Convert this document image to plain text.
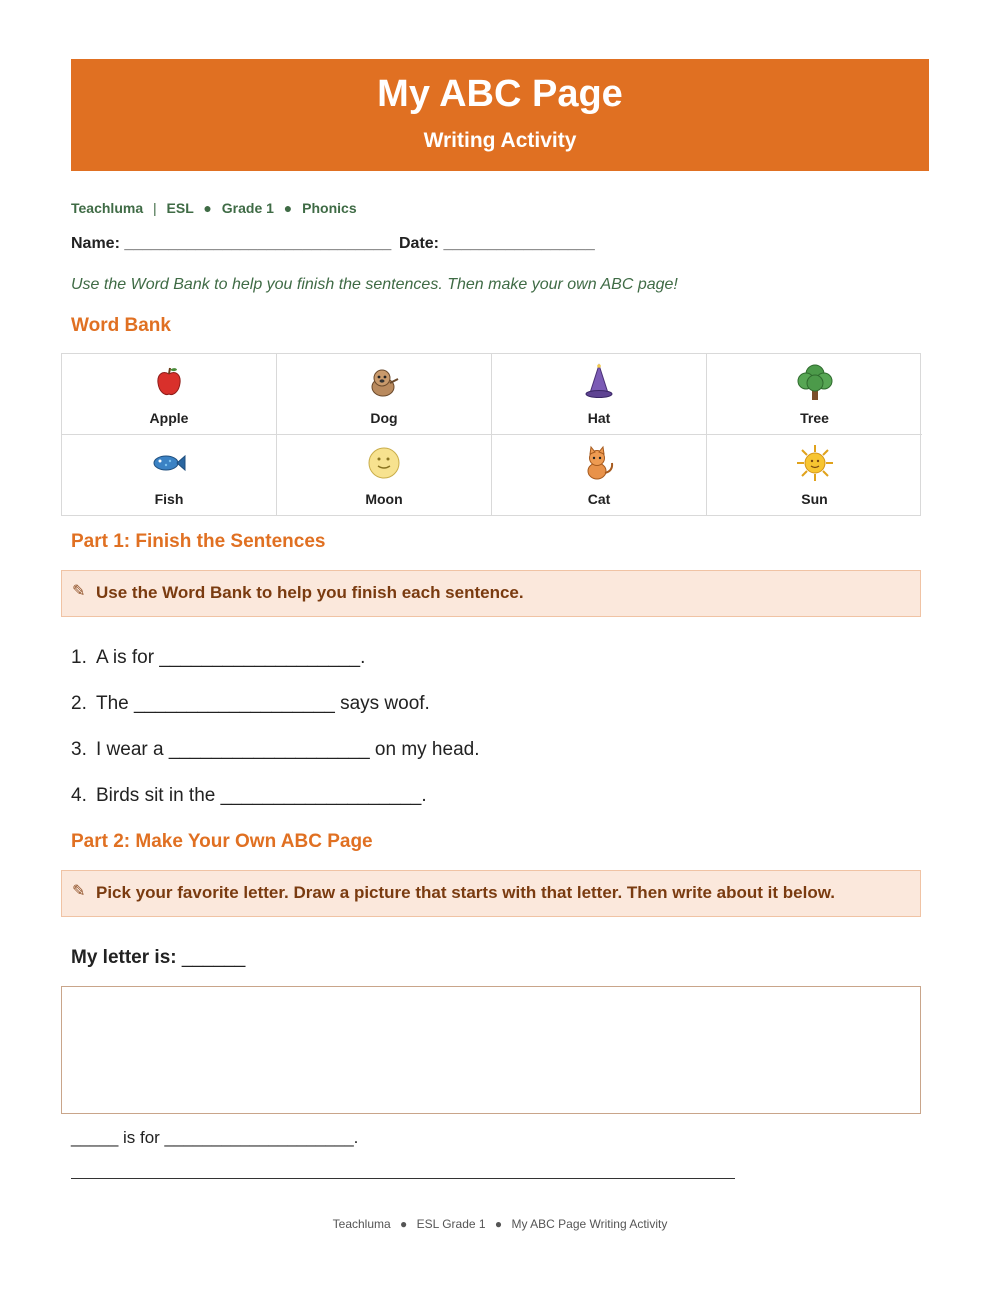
My ABC Page
Writing Activity
Teachluma | ESL ● Grade 1 ● Phonics
Name: ______________________________ Date: _________________
Use the Word Bank to help you finish the sentences. Then make your own ABC page!
Word Bank
Apple	Dog	Hat	Tree
Fish	Moon	Cat	Sun
Part 1: Finish the Sentences
✎ Use the Word Bank to help you finish each sentence.
1. A is for ___________________.
2. The ___________________ says woof.
3. I wear a ___________________ on my head.
4. Birds sit in the ___________________.
Part 2: Make Your Own ABC Page
✎ Pick your favorite letter. Draw a picture that starts with that letter. Then write about it below.
My letter is: ______
_____ is for ____________________.
Teachluma ● ESL Grade 1 ● My ABC Page Writing Activity
